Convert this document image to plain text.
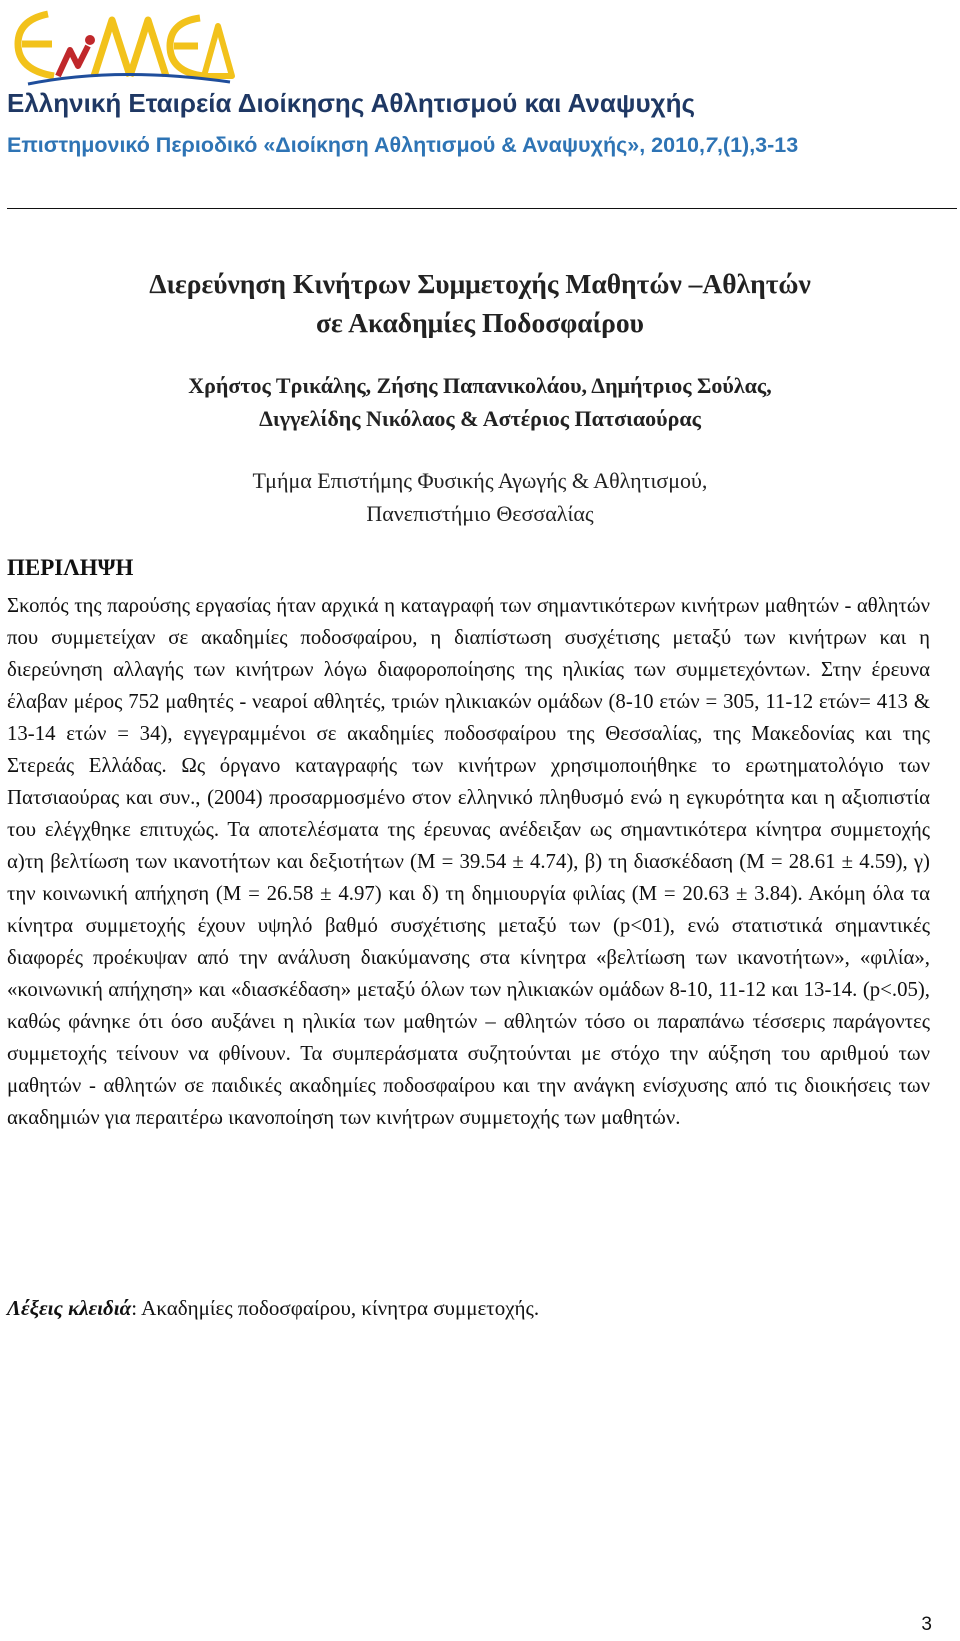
Ελληνική Εταιρεία Διοίκησης Αθλητισμού και Αναψυχής
Επιστημονικό Περιοδικό «Διοίκηση Αθλητισμού & Αναψυχής», 2010,7,(1),3-13
Διερεύνηση Κινήτρων Συμμετοχής Μαθητών –Αθλητών
σε Ακαδημίες Ποδοσφαίρου
Χρήστος Τρικάλης, Ζήσης Παπανικολάου, Δημήτριος Σούλας,
Διγγελίδης Νικόλαος & Αστέριος Πατσιαούρας
Τμήμα Επιστήμης Φυσικής Αγωγής & Αθλητισμού,
Πανεπιστήμιο Θεσσαλίας
ΠΕΡΙΛΗΨΗ

Σκοπός της παρούσης εργασίας ήταν αρχικά η καταγραφή των σημαντικότερων κινήτρων μαθητών - αθλητών που συμμετείχαν σε ακαδημίες ποδοσφαίρου, η διαπίστωση συσχέτισης μεταξύ των κινήτρων και η διερεύνηση αλλαγής των κινήτρων λόγω διαφοροποίησης της ηλικίας των συμμετεχόντων. Στην έρευνα έλαβαν μέρος 752 μαθητές - νεαροί αθλητές, τριών ηλικιακών ομάδων (8-10 ετών = 305, 11-12 ετών= 413 & 13-14 ετών = 34), εγγεγραμμένοι σε ακαδημίες ποδοσφαίρου της Θεσσαλίας, της Μακεδονίας και της Στερεάς Ελλάδας. Ως όργανο καταγραφής των κινήτρων χρησιμοποιήθηκε το ερωτηματολόγιο των Πατσιαούρας και συν., (2004) προσαρμοσμένο στον ελληνικό πληθυσμό ενώ η εγκυρότητα και η αξιοπιστία του ελέγχθηκε επιτυχώς. Τα αποτελέσματα της έρευνας ανέδειξαν ως σημαντικότερα κίνητρα συμμετοχής α)τη βελτίωση των ικανοτήτων και δεξιοτήτων (M = 39.54 ± 4.74), β) τη διασκέδαση (M = 28.61 ± 4.59), γ) την κοινωνική απήχηση (M = 26.58 ± 4.97) και δ) τη δημιουργία φιλίας (M = 20.63 ± 3.84). Ακόμη όλα τα κίνητρα συμμετοχής έχουν υψηλό βαθμό συσχέτισης μεταξύ των (p<01), ενώ στατιστικά σημαντικές διαφορές προέκυψαν από την ανάλυση διακύμανσης στα κίνητρα «βελτίωση των ικανοτήτων», «φιλία», «κοινωνική απήχηση» και «διασκέδαση» μεταξύ όλων των ηλικιακών ομάδων 8-10, 11-12 και 13-14. (p<.05), καθώς φάνηκε ότι όσο αυξάνει η ηλικία των μαθητών – αθλητών τόσο οι παραπάνω τέσσερις παράγοντες συμμετοχής τείνουν να φθίνουν. Τα συμπεράσματα συζητούνται με στόχο την αύξηση του αριθμού των μαθητών - αθλητών σε παιδικές ακαδημίες ποδοσφαίρου και την ανάγκη ενίσχυσης από τις διοικήσεις των ακαδημιών για περαιτέρω ικανοποίηση των κινήτρων συμμετοχής των μαθητών.

Λέξεις κλειδιά: Ακαδημίες ποδοσφαίρου, κίνητρα συμμετοχής.
3
